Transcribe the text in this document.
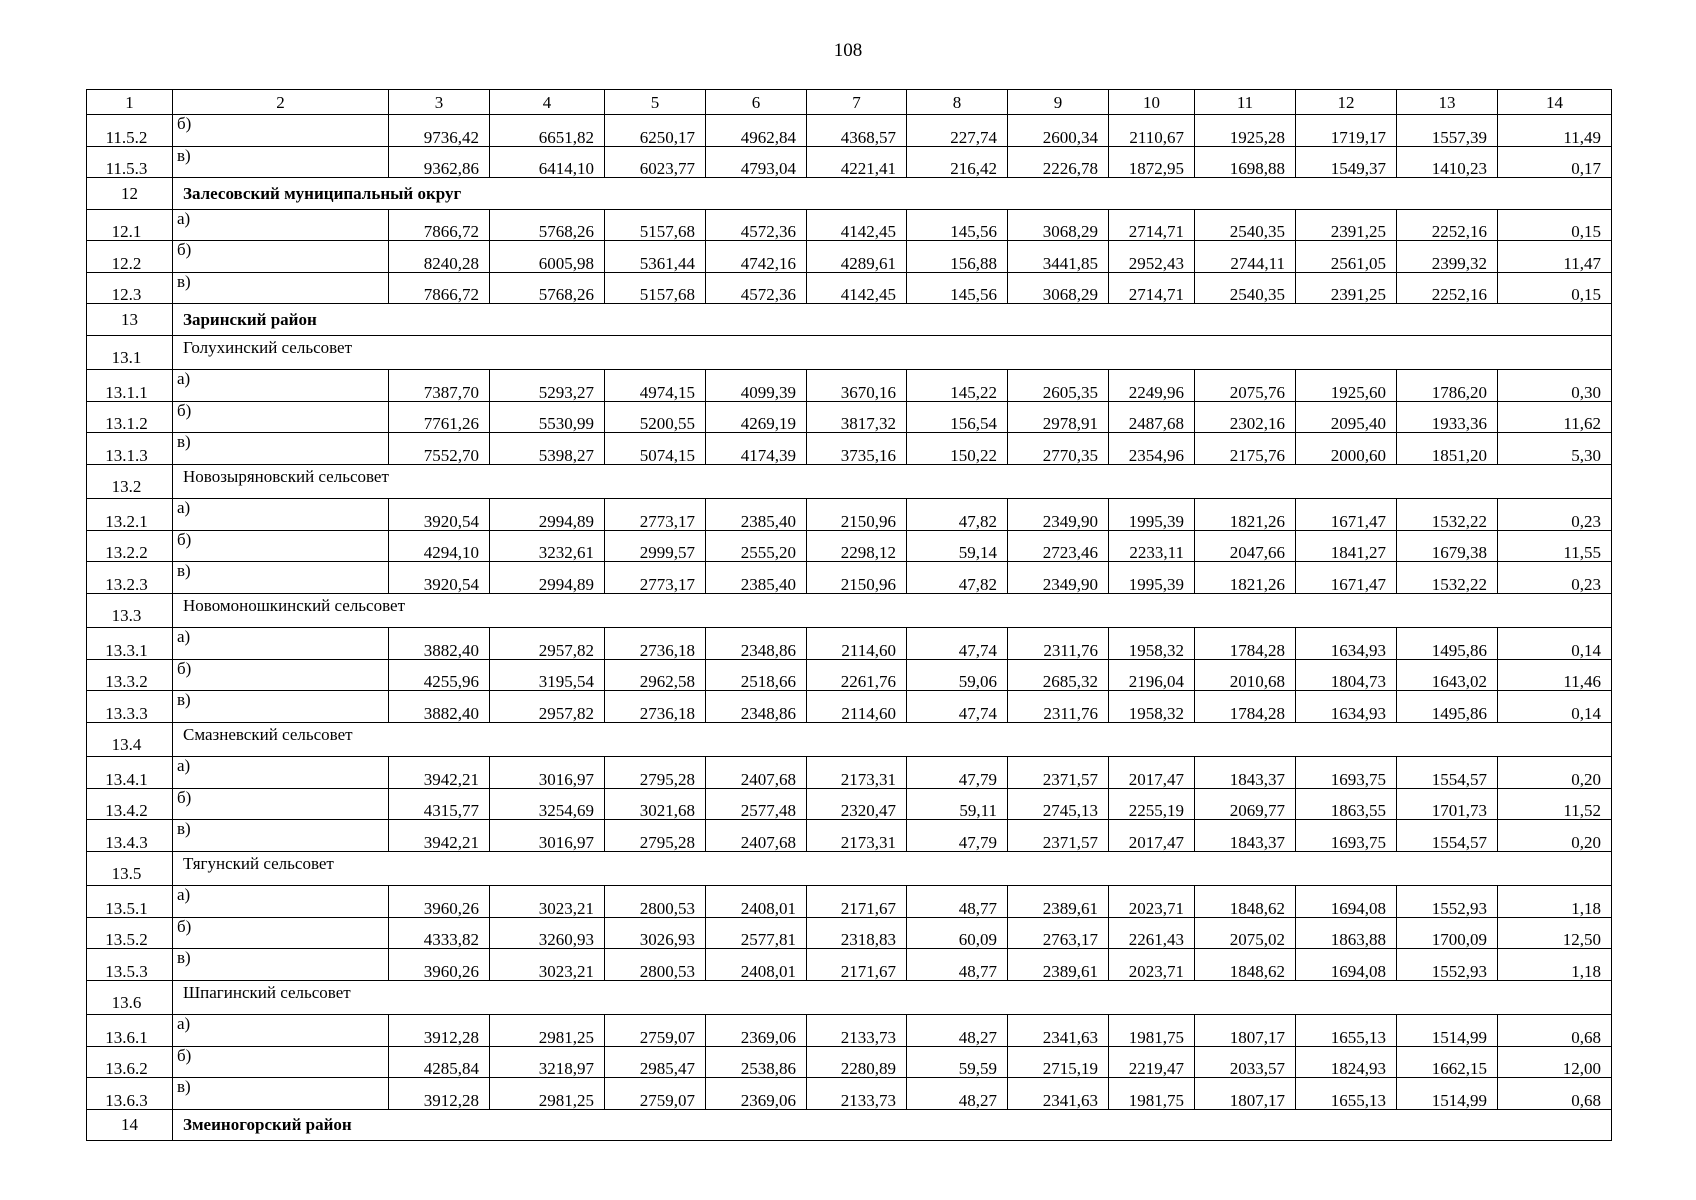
108
1	2	3	4	5	6	7	8	9	10	11	12	13	14
11.5.2	б)	9736,42	6651,82	6250,17	4962,84	4368,57	227,74	2600,34	2110,67	1925,28	1719,17	1557,39	11,49
11.5.3	в)	9362,86	6414,10	6023,77	4793,04	4221,41	216,42	2226,78	1872,95	1698,88	1549,37	1410,23	0,17
12	Залесовский муниципальный округ												
12.1	а)	7866,72	5768,26	5157,68	4572,36	4142,45	145,56	3068,29	2714,71	2540,35	2391,25	2252,16	0,15
12.2	б)	8240,28	6005,98	5361,44	4742,16	4289,61	156,88	3441,85	2952,43	2744,11	2561,05	2399,32	11,47
12.3	в)	7866,72	5768,26	5157,68	4572,36	4142,45	145,56	3068,29	2714,71	2540,35	2391,25	2252,16	0,15
13	Заринский район												
13.1	Голухинский сельсовет												
13.1.1	а)	7387,70	5293,27	4974,15	4099,39	3670,16	145,22	2605,35	2249,96	2075,76	1925,60	1786,20	0,30
13.1.2	б)	7761,26	5530,99	5200,55	4269,19	3817,32	156,54	2978,91	2487,68	2302,16	2095,40	1933,36	11,62
13.1.3	в)	7552,70	5398,27	5074,15	4174,39	3735,16	150,22	2770,35	2354,96	2175,76	2000,60	1851,20	5,30
13.2	Новозыряновский сельсовет												
13.2.1	а)	3920,54	2994,89	2773,17	2385,40	2150,96	47,82	2349,90	1995,39	1821,26	1671,47	1532,22	0,23
13.2.2	б)	4294,10	3232,61	2999,57	2555,20	2298,12	59,14	2723,46	2233,11	2047,66	1841,27	1679,38	11,55
13.2.3	в)	3920,54	2994,89	2773,17	2385,40	2150,96	47,82	2349,90	1995,39	1821,26	1671,47	1532,22	0,23
13.3	Новомоношкинский сельсовет												
13.3.1	а)	3882,40	2957,82	2736,18	2348,86	2114,60	47,74	2311,76	1958,32	1784,28	1634,93	1495,86	0,14
13.3.2	б)	4255,96	3195,54	2962,58	2518,66	2261,76	59,06	2685,32	2196,04	2010,68	1804,73	1643,02	11,46
13.3.3	в)	3882,40	2957,82	2736,18	2348,86	2114,60	47,74	2311,76	1958,32	1784,28	1634,93	1495,86	0,14
13.4	Смазневский сельсовет												
13.4.1	а)	3942,21	3016,97	2795,28	2407,68	2173,31	47,79	2371,57	2017,47	1843,37	1693,75	1554,57	0,20
13.4.2	б)	4315,77	3254,69	3021,68	2577,48	2320,47	59,11	2745,13	2255,19	2069,77	1863,55	1701,73	11,52
13.4.3	в)	3942,21	3016,97	2795,28	2407,68	2173,31	47,79	2371,57	2017,47	1843,37	1693,75	1554,57	0,20
13.5	Тягунский сельсовет												
13.5.1	а)	3960,26	3023,21	2800,53	2408,01	2171,67	48,77	2389,61	2023,71	1848,62	1694,08	1552,93	1,18
13.5.2	б)	4333,82	3260,93	3026,93	2577,81	2318,83	60,09	2763,17	2261,43	2075,02	1863,88	1700,09	12,50
13.5.3	в)	3960,26	3023,21	2800,53	2408,01	2171,67	48,77	2389,61	2023,71	1848,62	1694,08	1552,93	1,18
13.6	Шпагинский сельсовет												
13.6.1	а)	3912,28	2981,25	2759,07	2369,06	2133,73	48,27	2341,63	1981,75	1807,17	1655,13	1514,99	0,68
13.6.2	б)	4285,84	3218,97	2985,47	2538,86	2280,89	59,59	2715,19	2219,47	2033,57	1824,93	1662,15	12,00
13.6.3	в)	3912,28	2981,25	2759,07	2369,06	2133,73	48,27	2341,63	1981,75	1807,17	1655,13	1514,99	0,68
14	Змеиногорский район												
